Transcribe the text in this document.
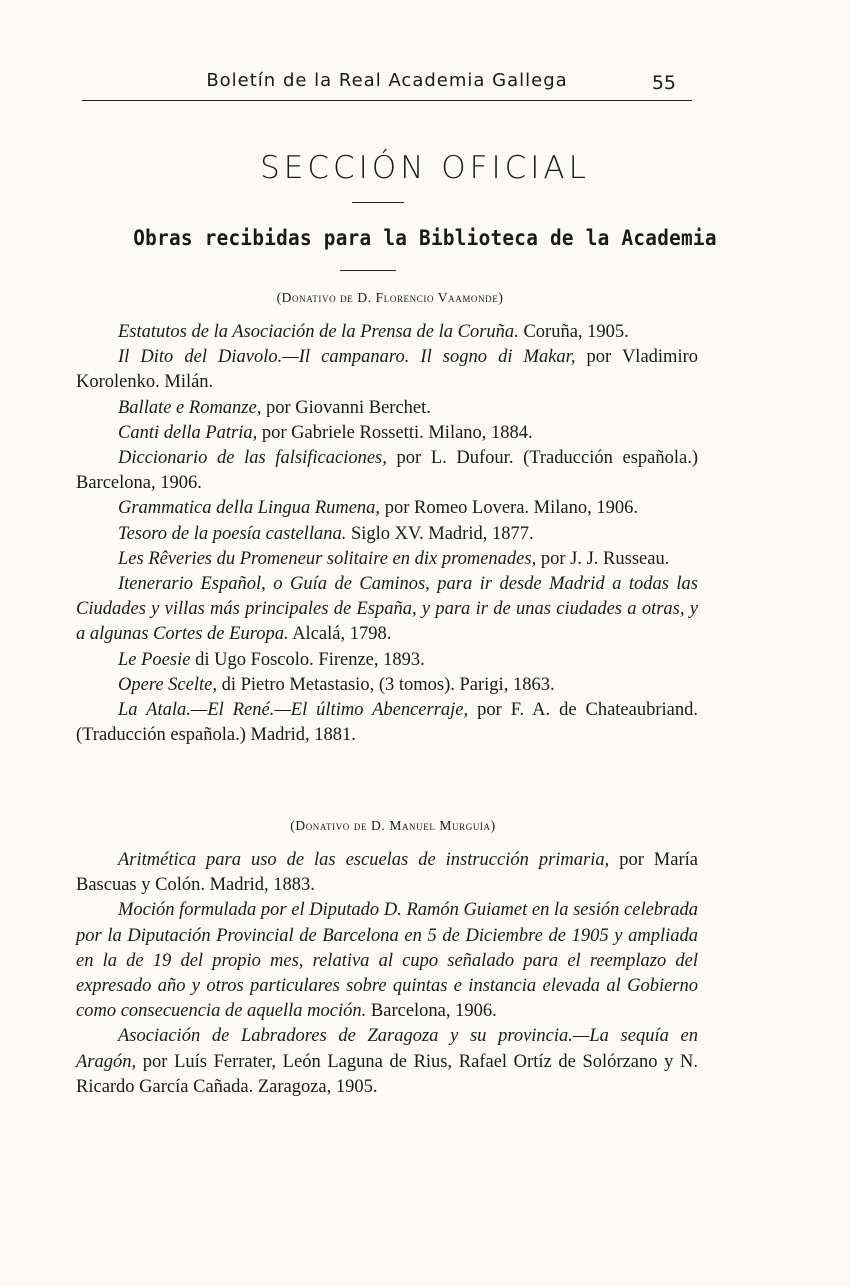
Boletín de la Real Academia Gallega	55
SECCIÓN OFICIAL
Obras recibidas para la Biblioteca de la Academia
(Donativo de D. Florencio Vaamonde)

Estatutos de la Asociación de la Prensa de la Coruña. Coruña, 1905.

Il Dito del Diavolo.—Il campanaro. Il sogno di Makar, por Vladimiro Korolenko. Milán.

Ballate e Romanze, por Giovanni Berchet.

Canti della Patria, por Gabriele Rossetti. Milano, 1884.

Diccionario de las falsificaciones, por L. Dufour. (Traducción española.) Barcelona, 1906.

Grammatica della Lingua Rumena, por Romeo Lovera. Milano, 1906.

Tesoro de la poesía castellana. Siglo XV. Madrid, 1877.

Les Rêveries du Promeneur solitaire en dix promenades, por J. J. Russeau.

Itenerario Español, o Guía de Caminos, para ir desde Madrid a todas las Ciudades y villas más principales de España, y para ir de unas ciudades a otras, y a algunas Cortes de Europa. Alcalá, 1798.

Le Poesie di Ugo Foscolo. Firenze, 1893.

Opere Scelte, di Pietro Metastasio, (3 tomos). Parigi, 1863.

La Atala.—El René.—El último Abencerraje, por F. A. de Chateaubriand. (Traducción española.) Madrid, 1881.

(Donativo de D. Manuel Murguía)

Aritmética para uso de las escuelas de instrucción primaria, por María Bascuas y Colón. Madrid, 1883.

Moción formulada por el Diputado D. Ramón Guiamet en la sesión celebrada por la Diputación Provincial de Barcelona en 5 de Diciembre de 1905 y ampliada en la de 19 del propio mes, relativa al cupo señalado para el reemplazo del expresado año y otros particulares sobre quintas e instancia elevada al Gobierno como consecuencia de aquella moción. Barcelona, 1906.

Asociación de Labradores de Zaragoza y su provincia.—La sequía en Aragón, por Luís Ferrater, León Laguna de Rius, Rafael Ortíz de Solórzano y N. Ricardo García Cañada. Zaragoza, 1905.
